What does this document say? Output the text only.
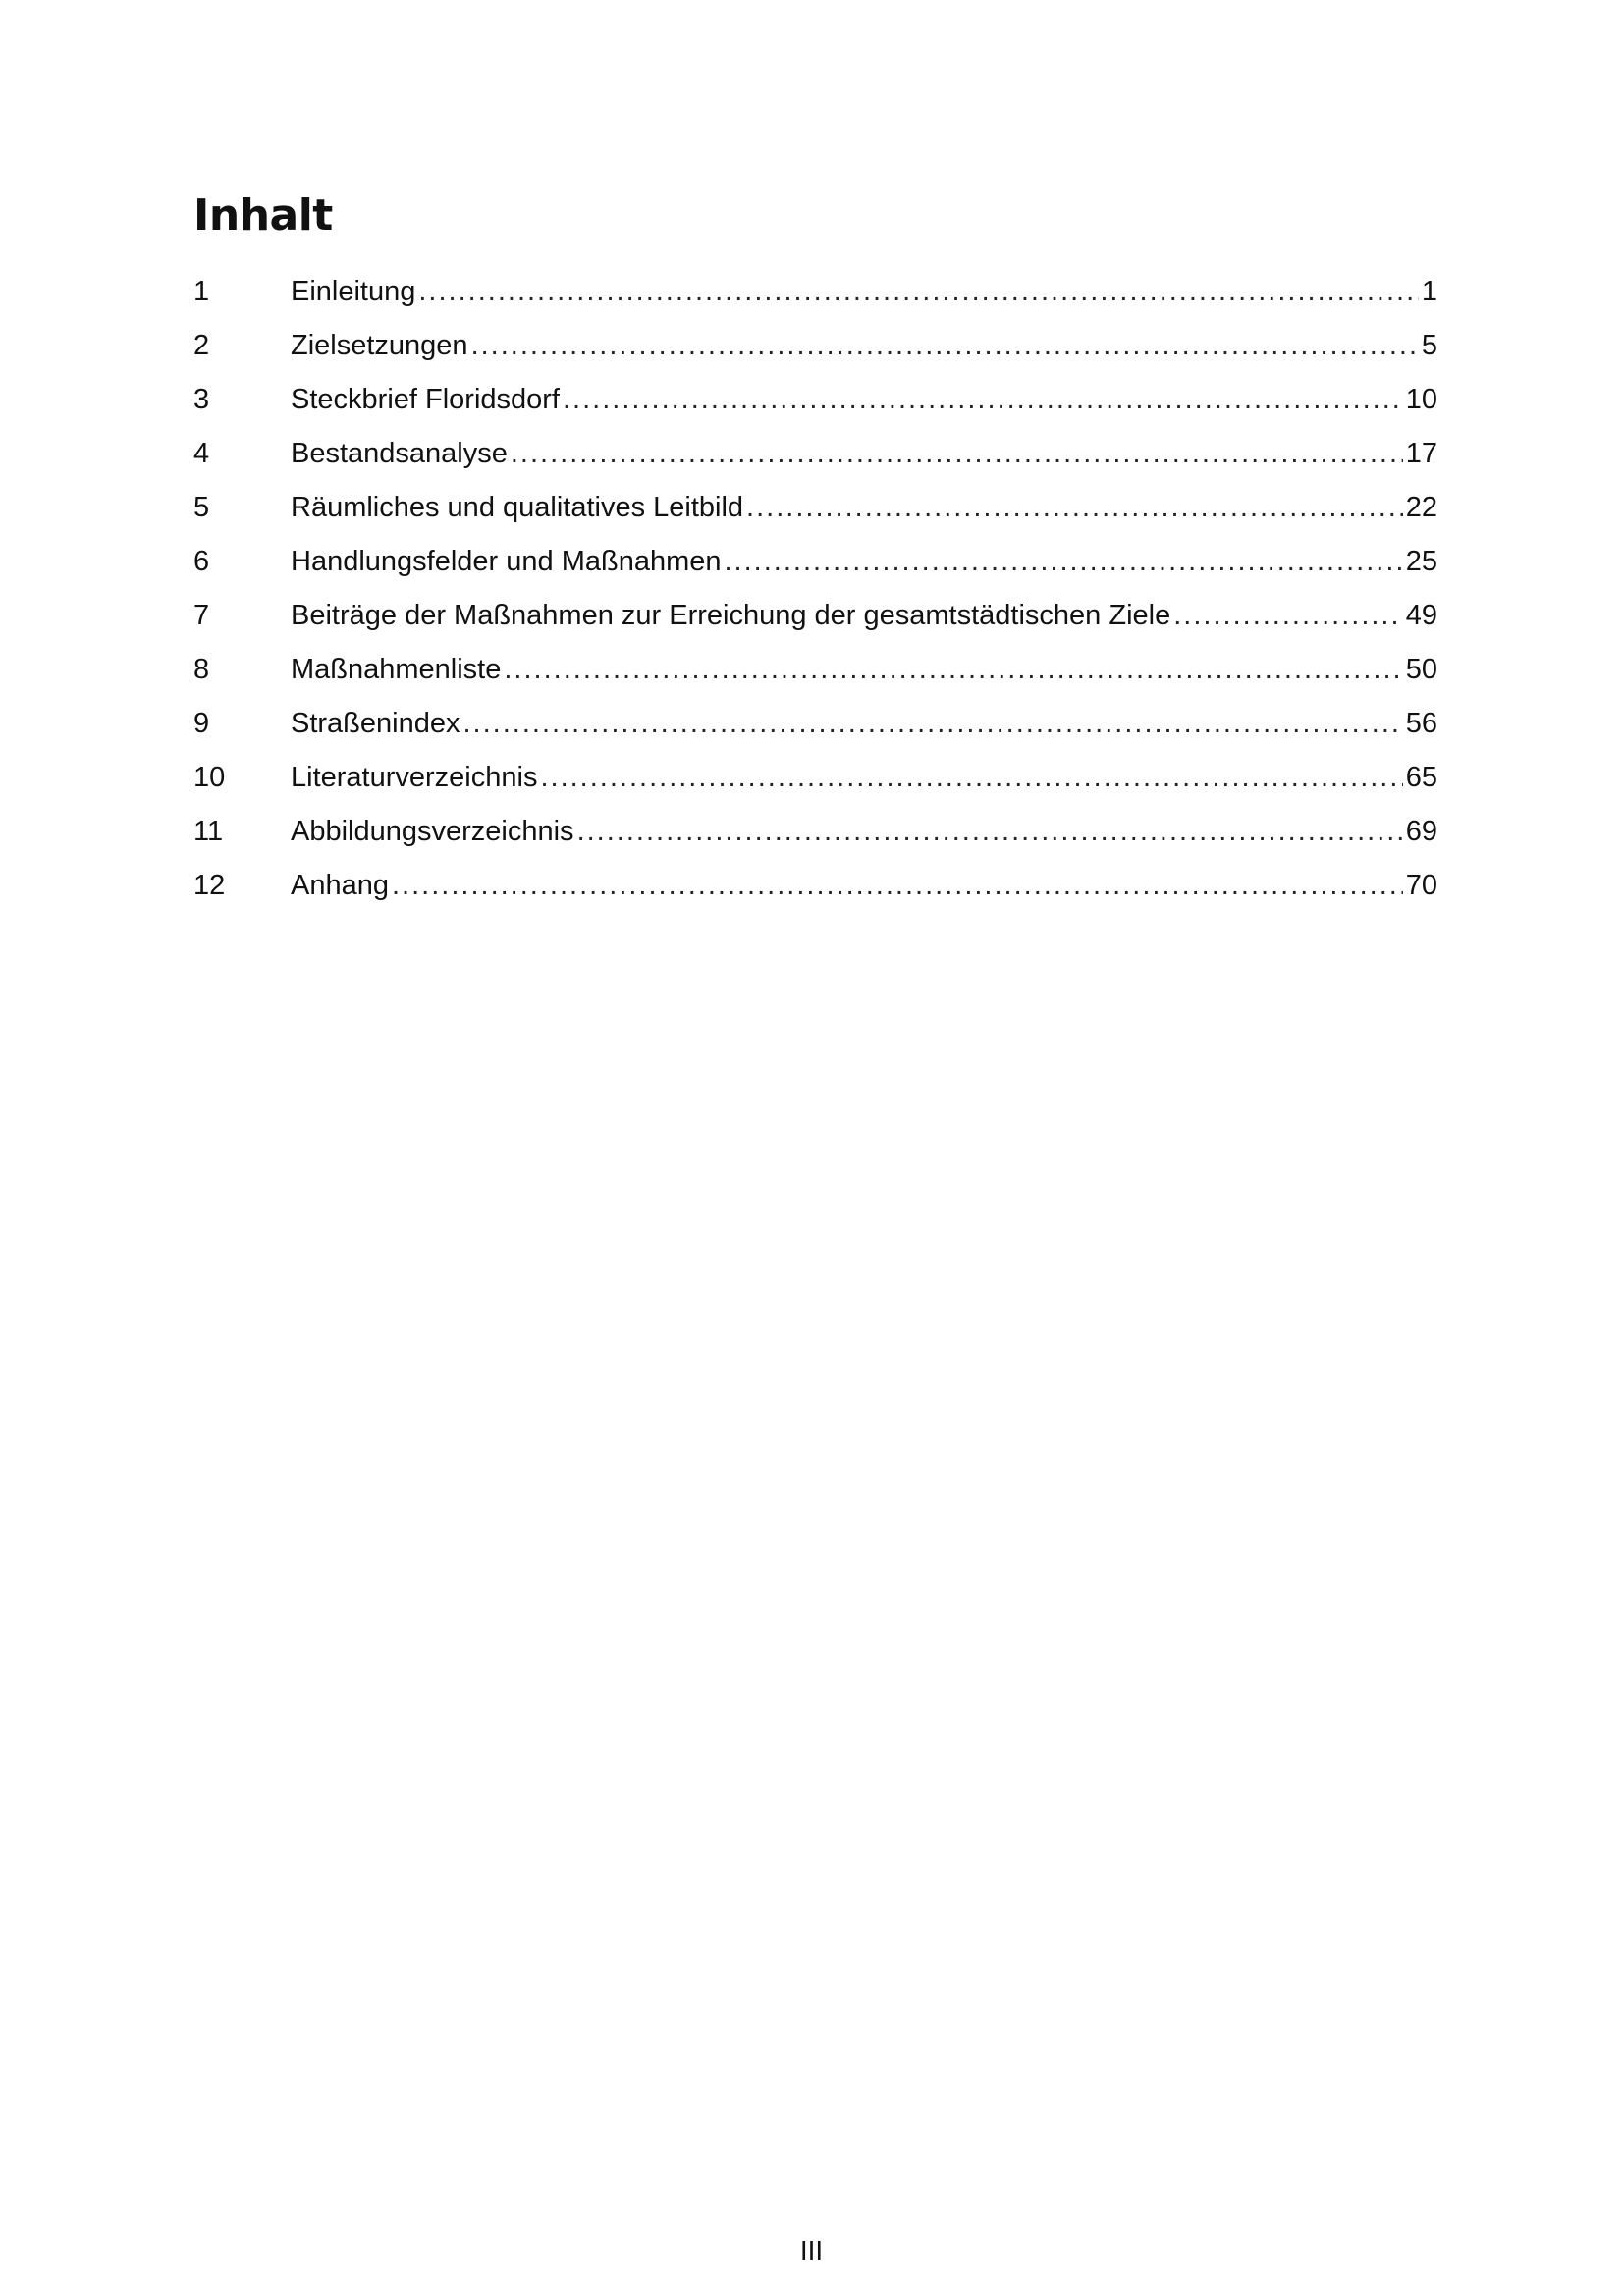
Inhalt
1	Einleitung .....	1
2	Zielsetzungen .....	5
3	Steckbrief Floridsdorf .....	10
4	Bestandsanalyse .....	17
5	Räumliches und qualitatives Leitbild .....	22
6	Handlungsfelder und Maßnahmen .....	25
7	Beiträge der Maßnahmen zur Erreichung der gesamtstädtischen Ziele .....	49
8	Maßnahmenliste .....	50
9	Straßenindex .....	56
10	Literaturverzeichnis .....	65
11	Abbildungsverzeichnis .....	69
12	Anhang .....	70
III
